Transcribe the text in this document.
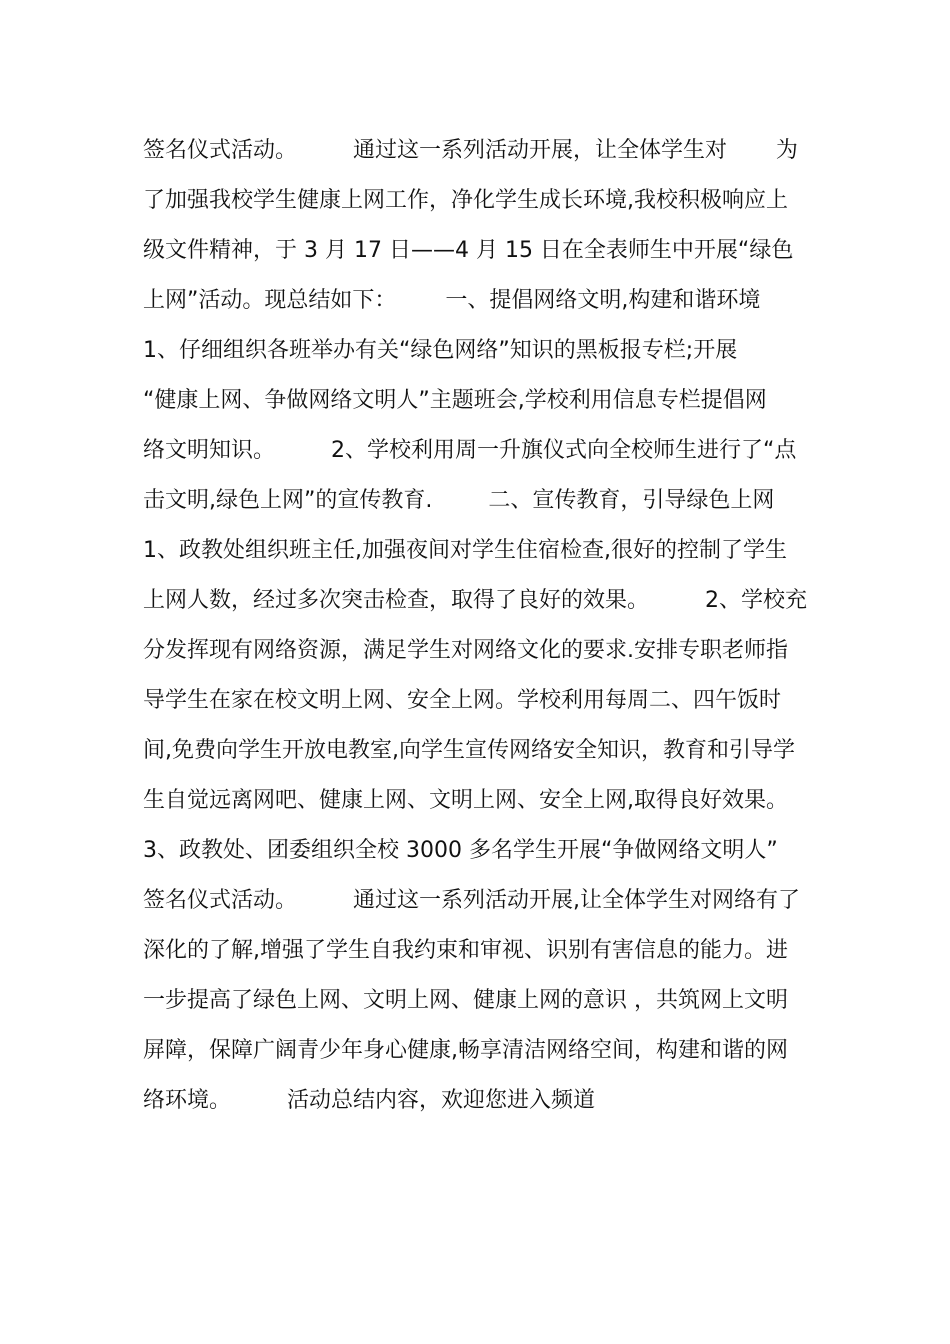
签名仪式活动。        通过这一系列活动开展，让全体学生对       为
了加强我校学生健康上网工作，净化学生成长环境,我校积极响应上
级文件精神，于 3 月 17 日——4 月 15 日在全表师生中开展“绿色
上网”活动。现总结如下：       一、提倡网络文明,构建和谐环境
1、仔细组织各班举办有关“绿色网络”知识的黑板报专栏;开展
“健康上网、争做网络文明人”主题班会,学校利用信息专栏提倡网
络文明知识。        2、学校利用周一升旗仪式向全校师生进行了“点
击文明,绿色上网”的宣传教育.        二、宣传教育，引导绿色上网
1、政教处组织班主任,加强夜间对学生住宿检查,很好的控制了学生
上网人数，经过多次突击检查，取得了良好的效果。        2、学校充
分发挥现有网络资源，满足学生对网络文化的要求.安排专职老师指
导学生在家在校文明上网、安全上网。学校利用每周二、四午饭时
间,免费向学生开放电教室,向学生宣传网络安全知识，教育和引导学
生自觉远离网吧、健康上网、文明上网、安全上网,取得良好效果。
3、政教处、团委组织全校 3000 多名学生开展“争做网络文明人”
签名仪式活动。        通过这一系列活动开展,让全体学生对网络有了
深化的了解,增强了学生自我约束和审视、识别有害信息的能力。进
一步提高了绿色上网、文明上网、健康上网的意识 ，共筑网上文明
屏障，保障广阔青少年身心健康,畅享清洁网络空间，构建和谐的网
络环境。        活动总结内容，欢迎您进入频道
